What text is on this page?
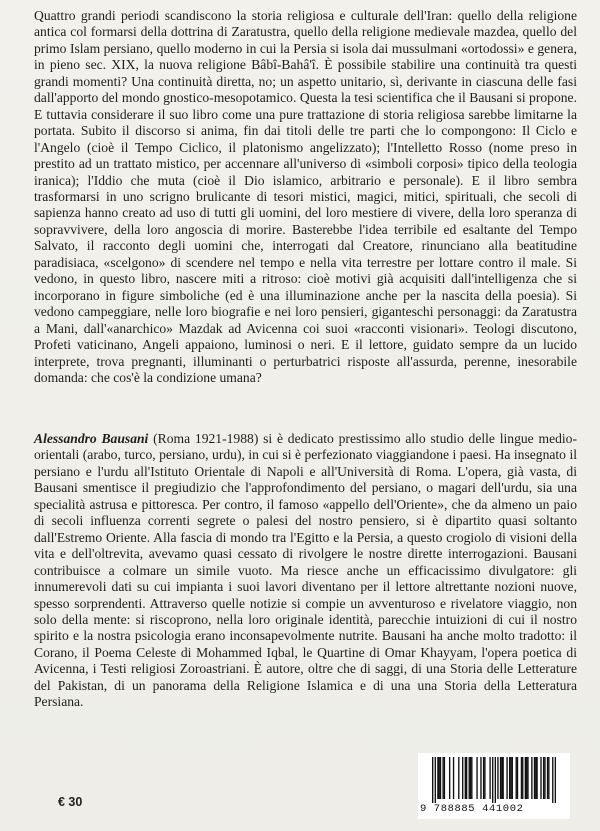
Quattro grandi periodi scandiscono la storia religiosa e culturale dell'Iran: quello della religione antica col formarsi della dottrina di Zaratustra, quello della religione medievale mazdea, quello del primo Islam persiano, quello moderno in cui la Persia si isola dai mussulmani «ortodossi» e genera, in pieno sec. XIX, la nuova religione Bâbî-Bahâ'î. È possibile stabilire una continuità tra questi grandi momenti? Una continuità diretta, no; un aspetto unitario, sì, derivante in ciascuna delle fasi dall'apporto del mondo gnostico-mesopotamico. Questa la tesi scientifica che il Bausani si propone. E tuttavia considerare il suo libro come una pure trattazione di storia religiosa sarebbe limitarne la portata. Subito il discorso si anima, fin dai titoli delle tre parti che lo compongono: Il Ciclo e l'Angelo (cioè il Tempo Ciclico, il platonismo angelizzato); l'Intelletto Rosso (nome preso in prestito ad un trattato mistico, per accennare all'universo di «simboli corposi» tipico della teologia iranica); l'Iddio che muta (cioè il Dio islamico, arbitrario e personale). E il libro sembra trasformarsi in uno scrigno brulicante di tesori mistici, magici, mitici, spirituali, che secoli di sapienza hanno creato ad uso di tutti gli uomini, del loro mestiere di vivere, della loro speranza di sopravvivere, della loro angoscia di morire. Basterebbe l'idea terribile ed esaltante del Tempo Salvato, il racconto degli uomini che, interrogati dal Creatore, rinunciano alla beatitudine paradisiaca, «scelgono» di scendere nel tempo e nella vita terrestre per lottare contro il male. Si vedono, in questo libro, nascere miti a ritroso: cioè motivi già acquisiti dall'intelligenza che si incorporano in figure simboliche (ed è una illuminazione anche per la nascita della poesia). Si vedono campeggiare, nelle loro biografie e nei loro pensieri, giganteschi personaggi: da Zaratustra a Mani, dall'«anarchico» Mazdak ad Avicenna coi suoi «racconti visionari». Teologi discutono, Profeti vaticinano, Angeli appaiono, luminosi o neri. E il lettore, guidato sempre da un lucido interprete, trova pregnanti, illuminanti o perturbatrici risposte all'assurda, perenne, inesorabile domanda: che cos'è la condizione umana?

Alessandro Bausani (Roma 1921-1988) si è dedicato prestissimo allo studio delle lingue medio-orientali (arabo, turco, persiano, urdu), in cui si è perfezionato viaggiandone i paesi. Ha insegnato il persiano e l'urdu all'Istituto Orientale di Napoli e all'Università di Roma. L'opera, già vasta, di Bausani smentisce il pregiudizio che l'approfondimento del persiano, o magari dell'urdu, sia una specialità astrusa e pittoresca. Per contro, il famoso «appello dell'Oriente», che da almeno un paio di secoli influenza correnti segrete o palesi del nostro pensiero, si è dipartito quasi soltanto dall'Estremo Oriente. Alla fascia di mondo tra l'Egitto e la Persia, a questo crogiolo di visioni della vita e dell'oltrevita, avevamo quasi cessato di rivolgere le nostre dirette interrogazioni. Bausani contribuisce a colmare un simile vuoto. Ma riesce anche un efficacissimo divulgatore: gli innumerevoli dati su cui impianta i suoi lavori diventano per il lettore altrettante nozioni nuove, spesso sorprendenti. Attraverso quelle notizie si compie un avventuroso e rivelatore viaggio, non solo della mente: si riscoprono, nella loro originale identità, parecchie intuizioni di cui il nostro spirito e la nostra psicologia erano inconsapevolmente nutrite. Bausani ha anche molto tradotto: il Corano, il Poema Celeste di Mohammed Iqbal, le Quartine di Omar Khayyam, l'opera poetica di Avicenna, i Testi religiosi Zoroastriani. È autore, oltre che di saggi, di una Storia delle Letterature del Pakistan, di un panorama della Religione Islamica e di una una Storia della Letteratura Persiana.

€ 30	9 788885 441002
